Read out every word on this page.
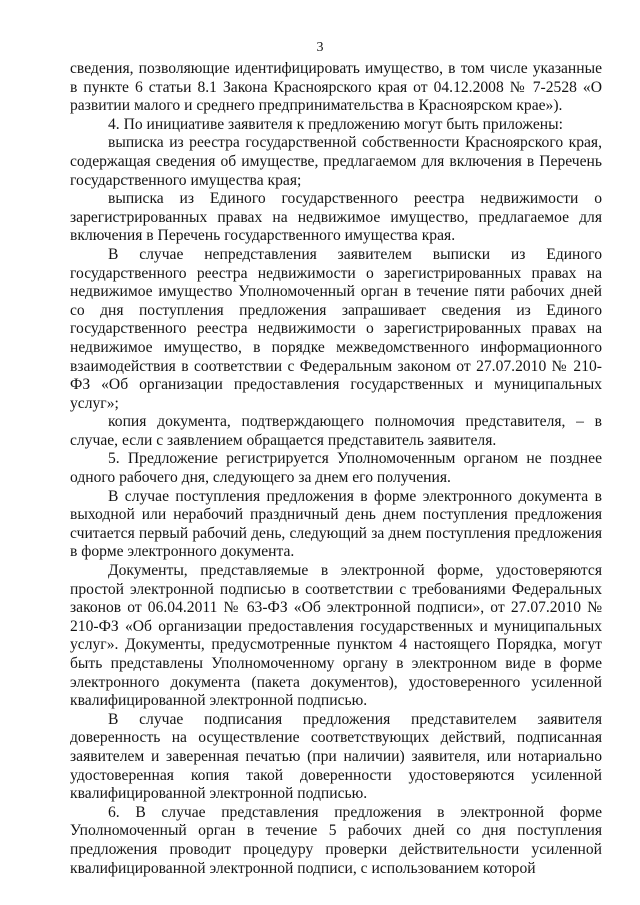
3

сведения, позволяющие идентифицировать имущество, в том числе указанные в пункте 6 статьи 8.1 Закона Красноярского края от 04.12.2008 № 7-2528 «О развитии малого и среднего предпринимательства в Красноярском крае»).

4. По инициативе заявителя к предложению могут быть приложены:

выписка из реестра государственной собственности Красноярского края, содержащая сведения об имуществе, предлагаемом для включения в Перечень государственного имущества края;

выписка из Единого государственного реестра недвижимости о зарегистрированных правах на недвижимое имущество, предлагаемое для включения в Перечень государственного имущества края.

В случае непредставления заявителем выписки из Единого государственного реестра недвижимости о зарегистрированных правах на недвижимое имущество Уполномоченный орган в течение пяти рабочих дней со дня поступления предложения запрашивает сведения из Единого государственного реестра недвижимости о зарегистрированных правах на недвижимое имущество, в порядке межведомственного информационного взаимодействия в соответствии с Федеральным законом от 27.07.2010 № 210-ФЗ «Об организации предоставления государственных и муниципальных услуг»;

копия документа, подтверждающего полномочия представителя, – в случае, если с заявлением обращается представитель заявителя.

5. Предложение регистрируется Уполномоченным органом не позднее одного рабочего дня, следующего за днем его получения.

В случае поступления предложения в форме электронного документа в выходной или нерабочий праздничный день днем поступления предложения считается первый рабочий день, следующий за днем поступления предложения в форме электронного документа.

Документы, представляемые в электронной форме, удостоверяются простой электронной подписью в соответствии с требованиями Федеральных законов от 06.04.2011 № 63-ФЗ «Об электронной подписи», от 27.07.2010 № 210-ФЗ «Об организации предоставления государственных и муниципальных услуг». Документы, предусмотренные пунктом 4 настоящего Порядка, могут быть представлены Уполномоченному органу в электронном виде в форме электронного документа (пакета документов), удостоверенного усиленной квалифицированной электронной подписью.

В случае подписания предложения представителем заявителя доверенность на осуществление соответствующих действий, подписанная заявителем и заверенная печатью (при наличии) заявителя, или нотариально удостоверенная копия такой доверенности удостоверяются усиленной квалифицированной электронной подписью.

6. В случае представления предложения в электронной форме Уполномоченный орган в течение 5 рабочих дней со дня поступления предложения проводит процедуру проверки действительности усиленной квалифицированной электронной подписи, с использованием которой
